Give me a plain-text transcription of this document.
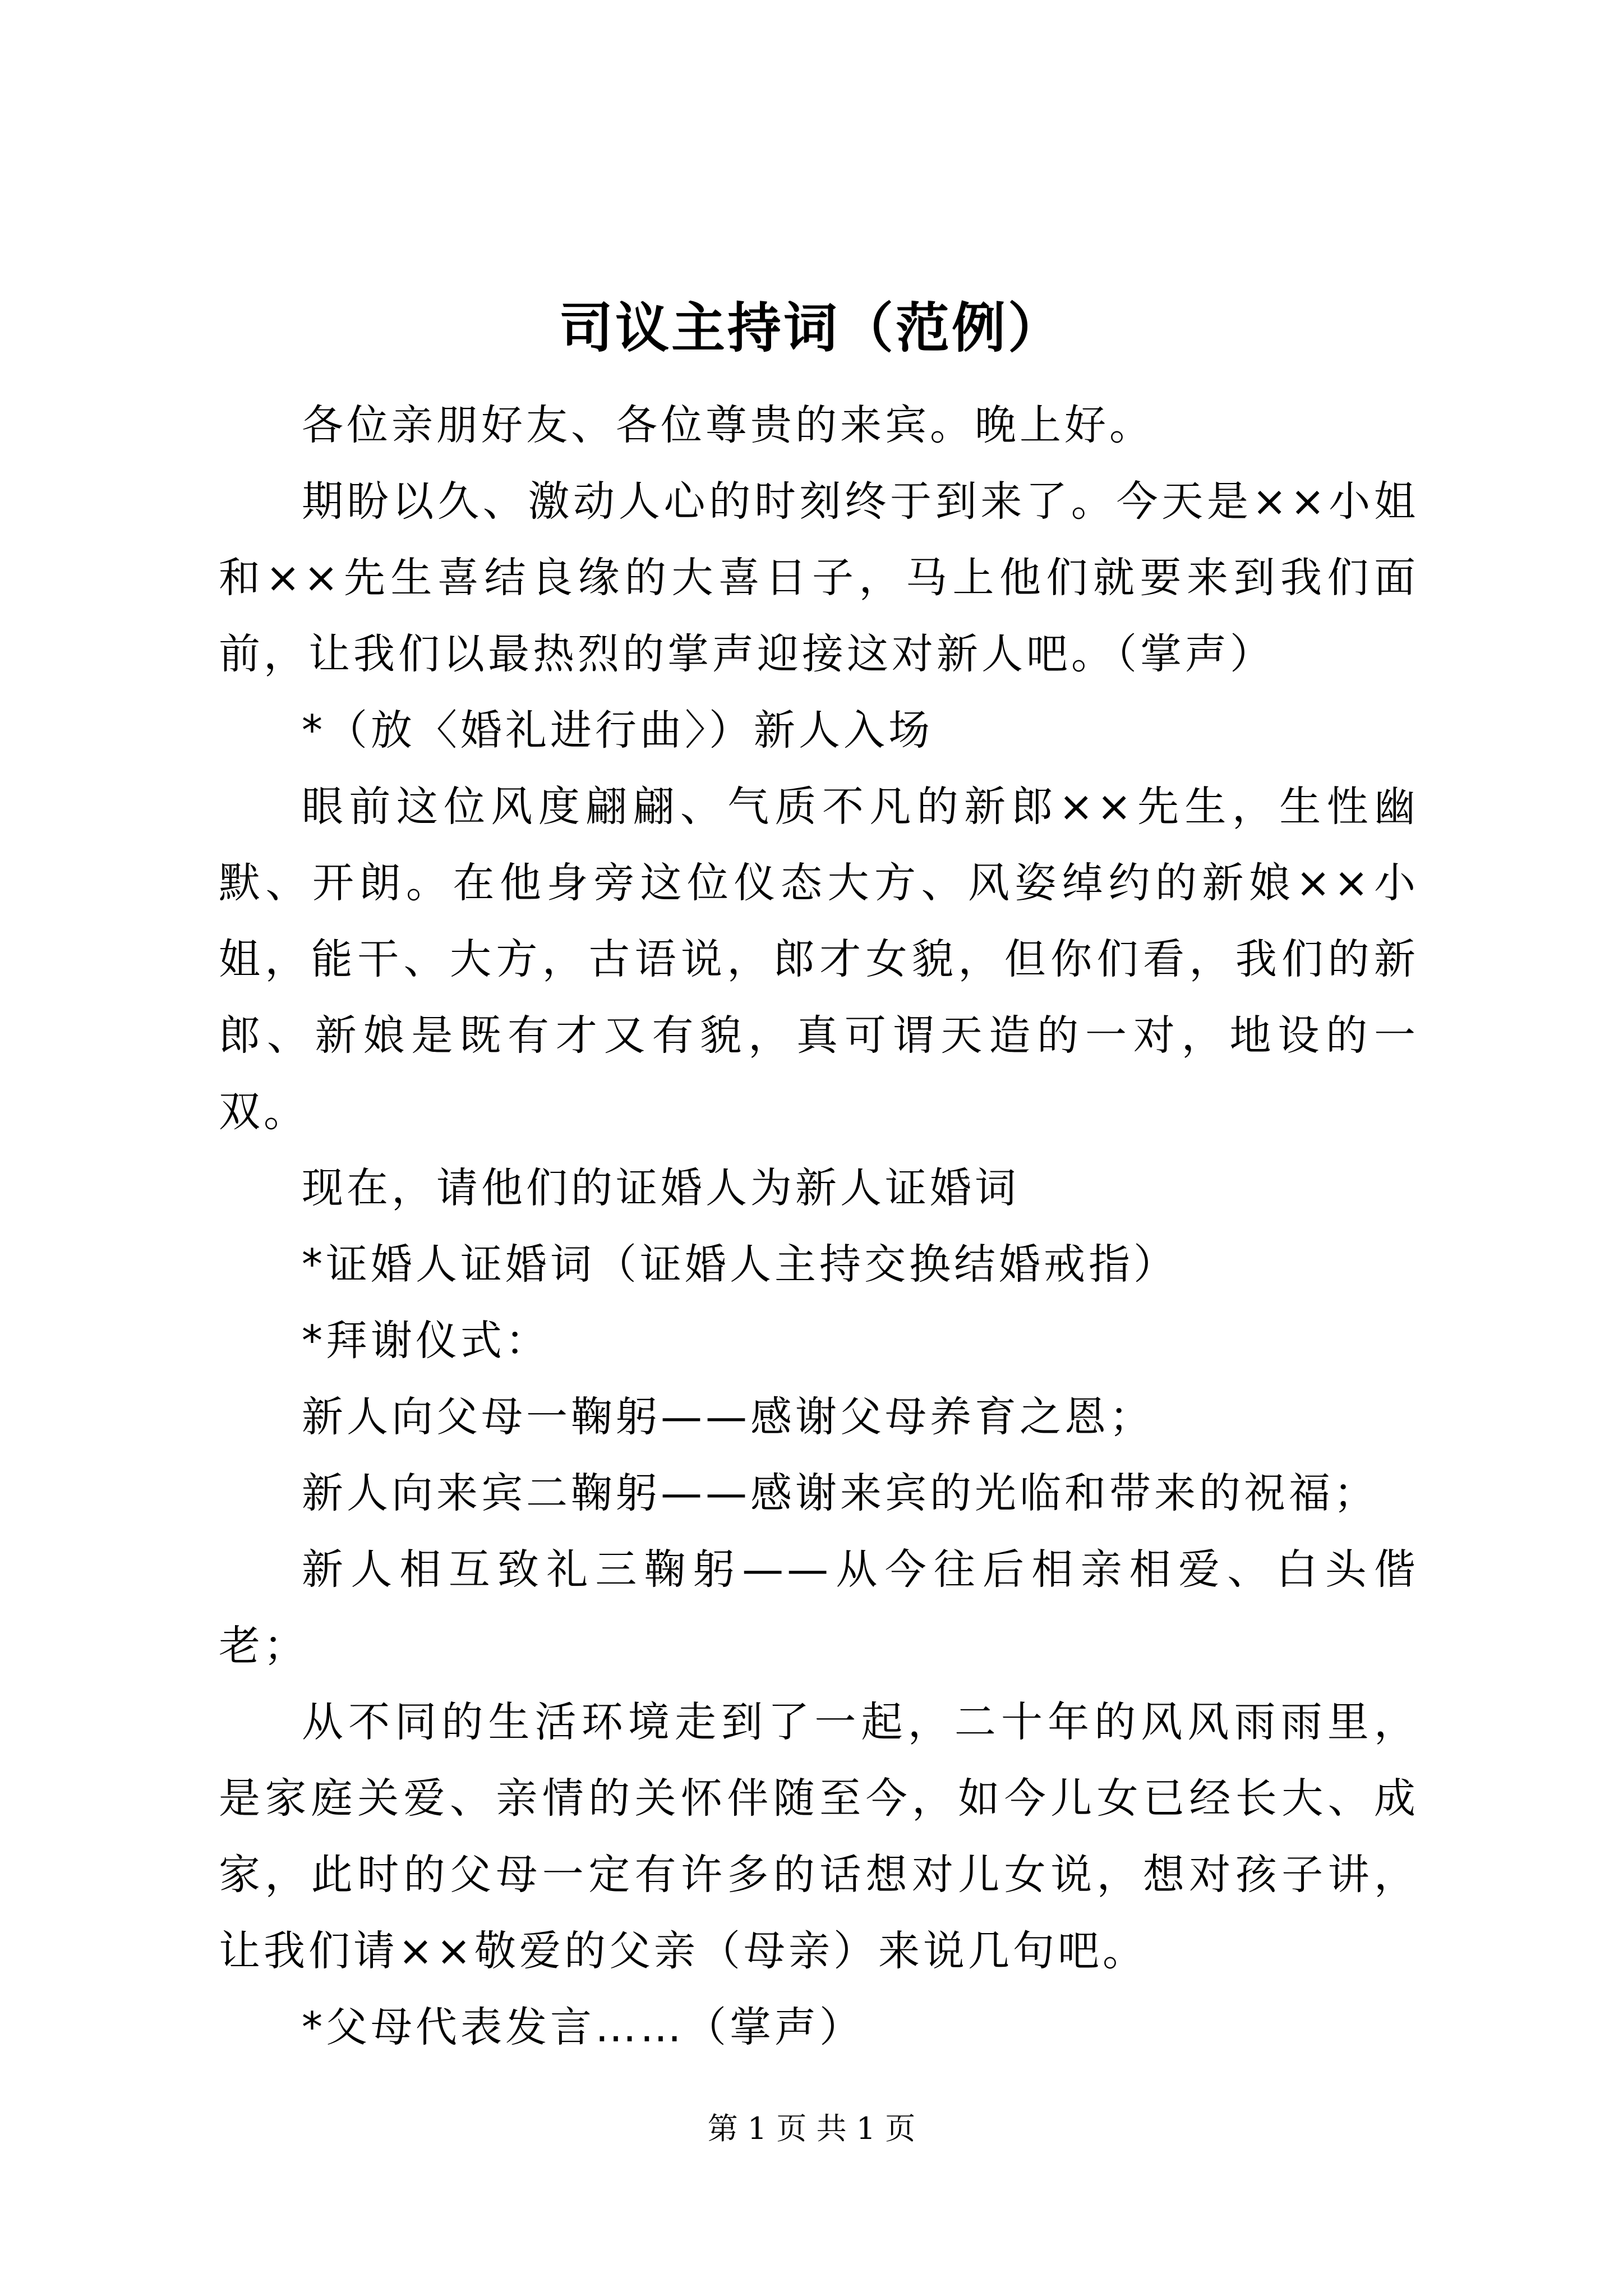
司议主持词（范例）

各位亲朋好友、各位尊贵的来宾。晚上好。

期盼以久、激动人心的时刻终于到来了。今天是××小姐和××先生喜结良缘的大喜日子，马上他们就要来到我们面前，让我们以最热烈的掌声迎接这对新人吧。（掌声）

*（放〈婚礼进行曲〉）新人入场

眼前这位风度翩翩、气质不凡的新郎××先生，生性幽默、开朗。在他身旁这位仪态大方、风姿绰约的新娘××小姐，能干、大方，古语说，郎才女貌，但你们看，我们的新郎、新娘是既有才又有貌，真可谓天造的一对，地设的一双。

现在，请他们的证婚人为新人证婚词

*证婚人证婚词（证婚人主持交换结婚戒指）

*拜谢仪式：

新人向父母一鞠躬——感谢父母养育之恩；

新人向来宾二鞠躬——感谢来宾的光临和带来的祝福；

新人相互致礼三鞠躬——从今往后相亲相爱、白头偕老；

从不同的生活环境走到了一起，二十年的风风雨雨里，是家庭关爱、亲情的关怀伴随至今，如今儿女已经长大、成家，此时的父母一定有许多的话想对儿女说，想对孩子讲，让我们请××敬爱的父亲（母亲）来说几句吧。

*父母代表发言……（掌声）

第 1 页 共 1 页
